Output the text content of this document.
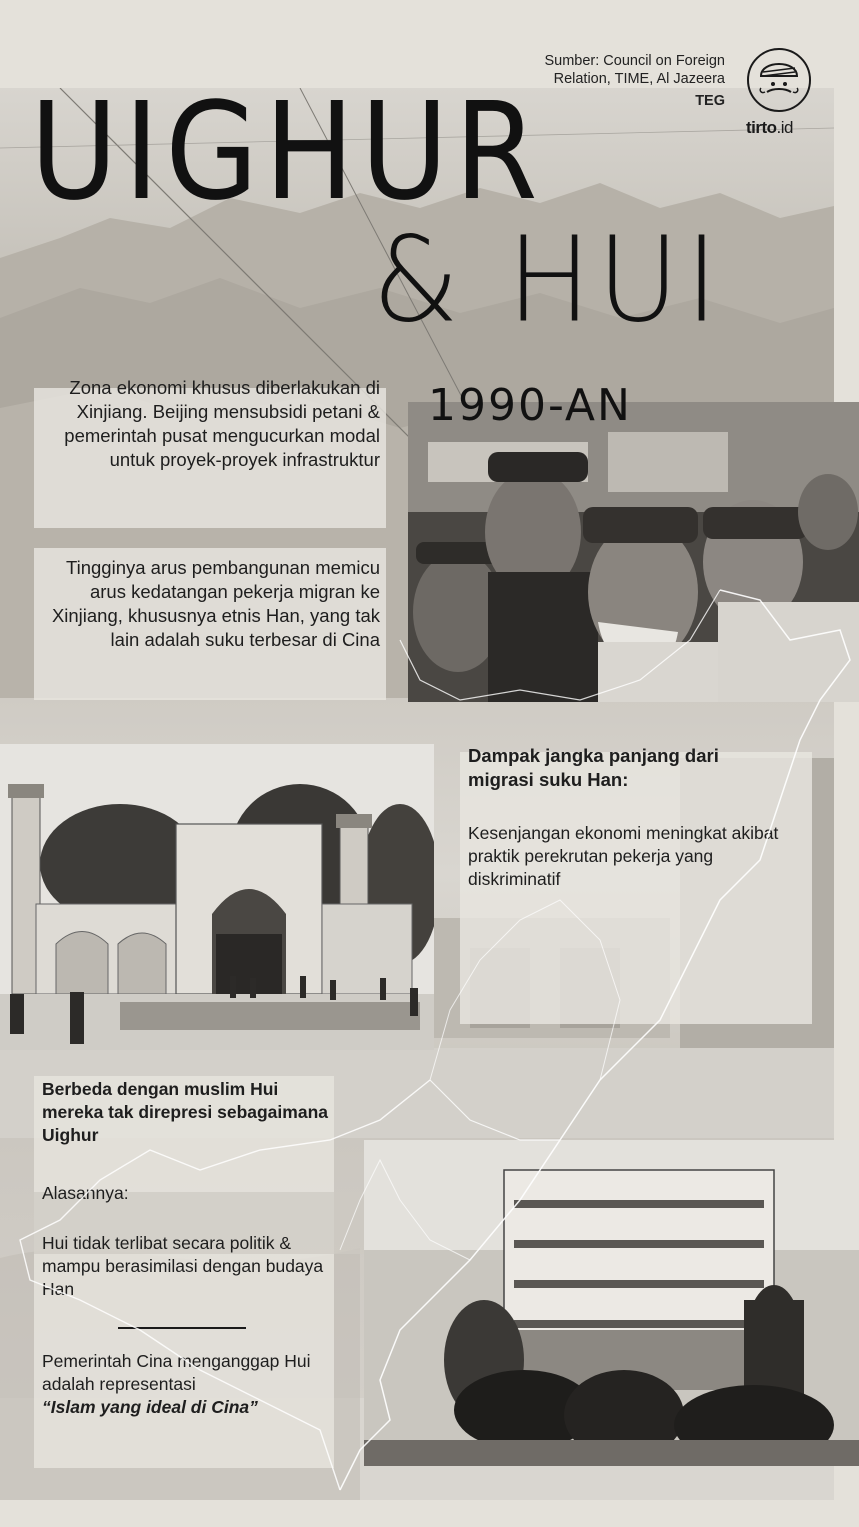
Sumber: Council on Foreign
Relation, TIME, Al Jazeera
TEG
tirto.id
UIGHUR
& HUI
1990-AN

Zona ekonomi khusus diberlakukan di Xinjiang. Beijing mensubsidi petani & pemerintah pusat mengucurkan modal untuk proyek-proyek infrastruktur

Tingginya arus pembangunan memicu arus kedatangan pekerja migran ke Xinjiang, khususnya etnis Han, yang tak lain adalah suku terbesar di Cina

Dampak jangka panjang dari migrasi suku Han:

Kesenjangan ekonomi meningkat akibat praktik perekrutan pekerja yang diskriminatif

Berbeda dengan muslim Hui mereka tak direpresi sebagaimana Uighur

Alasannya:

Hui tidak terlibat secara politik & mampu berasimilasi dengan budaya Han

Pemerintah Cina menganggap Hui adalah representasi

“Islam yang ideal di Cina”
